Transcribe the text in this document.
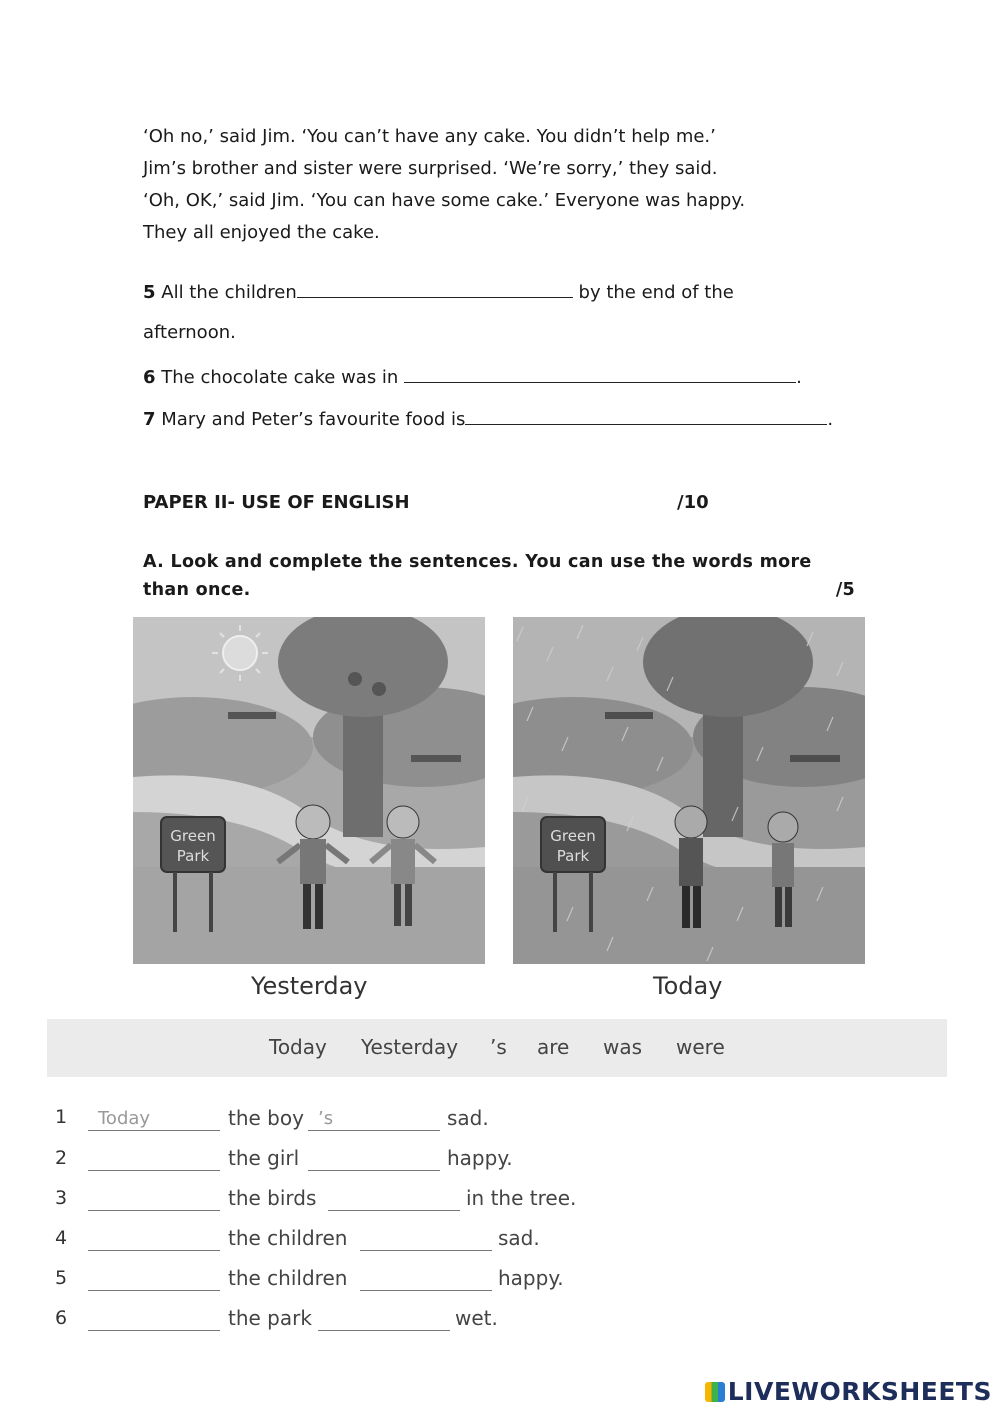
‘Oh no,’ said Jim. ‘You can’t have any cake. You didn’t help me.’
Jim’s brother and sister were surprised. ‘We’re sorry,’ they said.
‘Oh, OK,’ said Jim. ‘You can have some cake.’ Everyone was happy.
They all enjoyed the cake.
5 All the children	by the end of the
afternoon.
6 The chocolate cake was in	.
7 Mary and Peter’s favourite food is	.
PAPER II- USE OF ENGLISH	/10
A. Look and complete the sentences. You can use the words more than once.	/5
Green
Park
Yesterday
Green
Park
Today
Today Yesterday ’s are was were
1 Today	the boy ’s	sad.
2	the girl	happy.
3	the birds	in the tree.
4	the children	sad.
5	the children	happy.
6	the park	wet.
LIVEWORKSHEETS
